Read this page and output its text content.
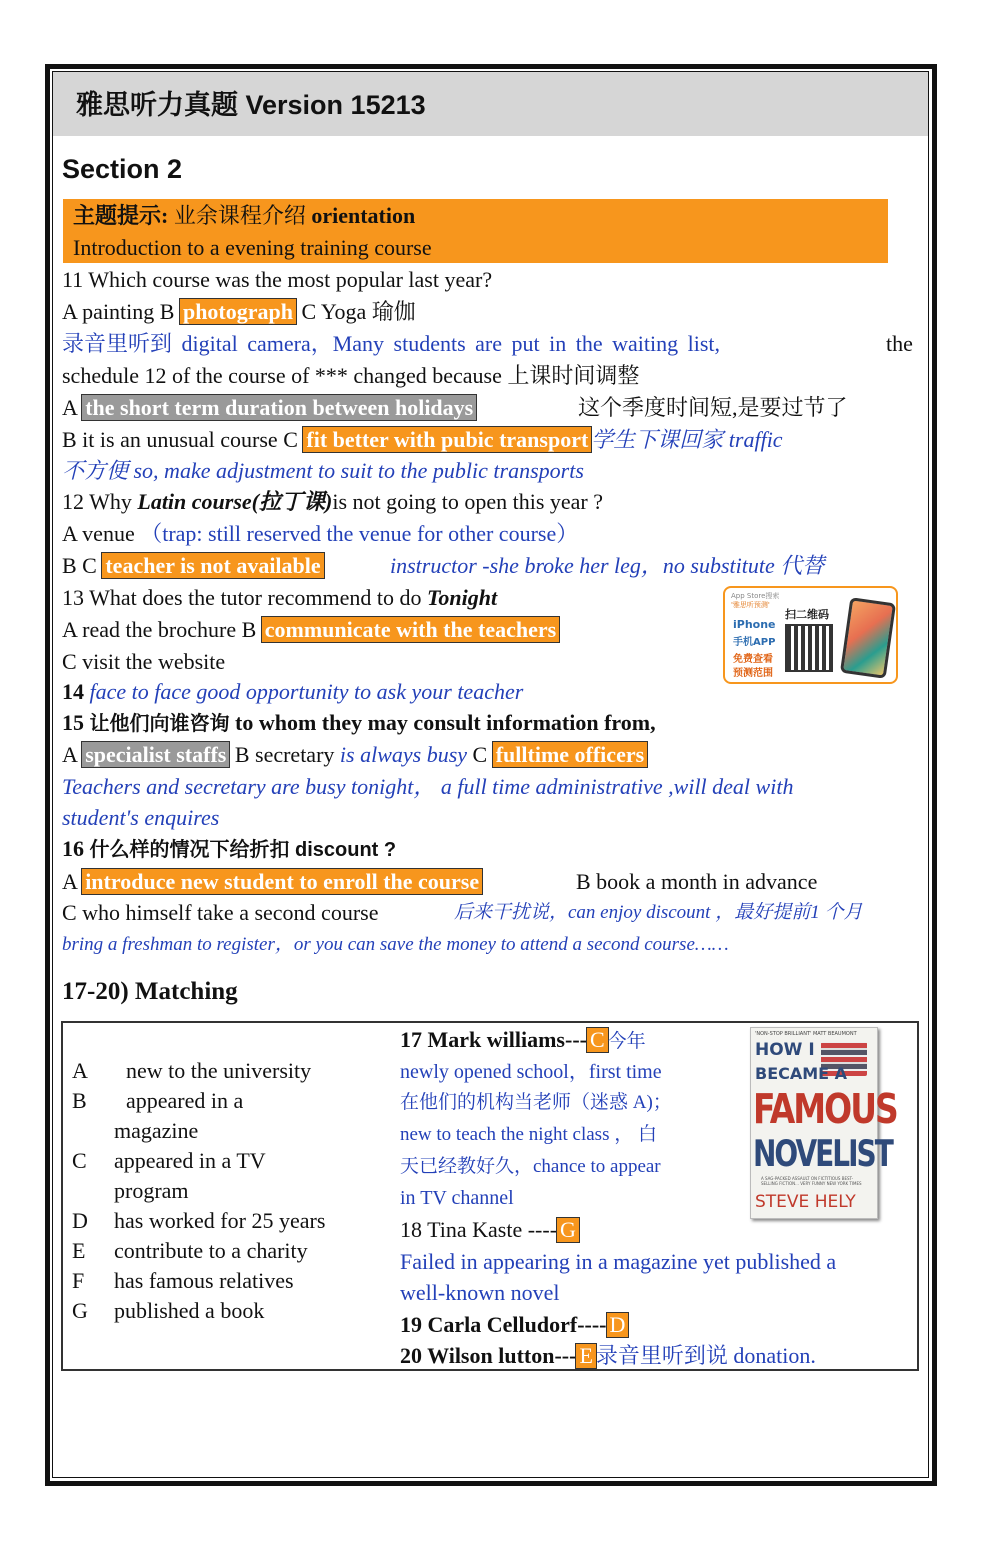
雅思听力真题 Version 15213
Section 2
主题提示: 业余课程介绍 orientation
Introduction to a evening training course
11 Which course was the most popular last year?
A painting B photograph C Yoga 瑜伽
录音里听到 digital camera，Many students are put in the waiting list,	the
schedule 12 of the course of *** changed because 上课时间调整
A the short term duration between holidays	这个季度时间短,是要过节了
B it is an unusual course C fit better with pubic transport 学生下课回家 traffic
不方便 so, make adjustment to suit to the public transports
12 Why Latin course(拉丁课)is not going to open this year ?
A venue （trap: still reserved the venue for other course）
B C teacher is not available	instructor -she broke her leg，no substitute 代替
13 What does the tutor recommend to do Tonight
A read the brochure B communicate with the teachers
C visit the website
App Store搜索
'雅思听预测'
扫二维码
iPhone
手机APP
免费查看
预测范围
14 face to face good opportunity to ask your teacher
15 让他们向谁咨询 to whom they may consult information from,
A specialist staffs B secretary is always busy C fulltime officers
Teachers and secretary are busy tonight， a full time administrative ,will deal with
student's enquires
16 什么样的情况下给折扣 discount ?
A introduce new student to enroll the course	B book a month in advance
C who himself take a second course	后来干扰说，can enjoy discount ，最好提前1 个月
bring a freshman to register，or you can save the money to attend a second course……
17-20) Matching
A new to the university
B appeared in a
magazine
C appeared in a TV
program
D has worked for 25 years
E contribute to a charity
F has famous relatives
G published a book
17 Mark williams--- C 今年
newly opened school，first time
在他们的机构当老师（迷惑 A)；
new to teach the night class ， 白
天已经教好久，chance to appear
in TV channel
18 Tina Kaste ---- G
Failed in appearing in a magazine yet published a
well-known novel
19 Carla Celludorf---- D
20 Wilson lutton--- E 录音里听到说 donation.
'NON-STOP BRILLIANT' MATT BEAUMONT
HOW I
BECAME A
FAMOUS
NOVELIST
A SAG-PACKED ASSAULT ON FICTITIOUS BEST-SELLING FICTION... VERY FUNNY NEW YORK TIMES
STEVE HELY
